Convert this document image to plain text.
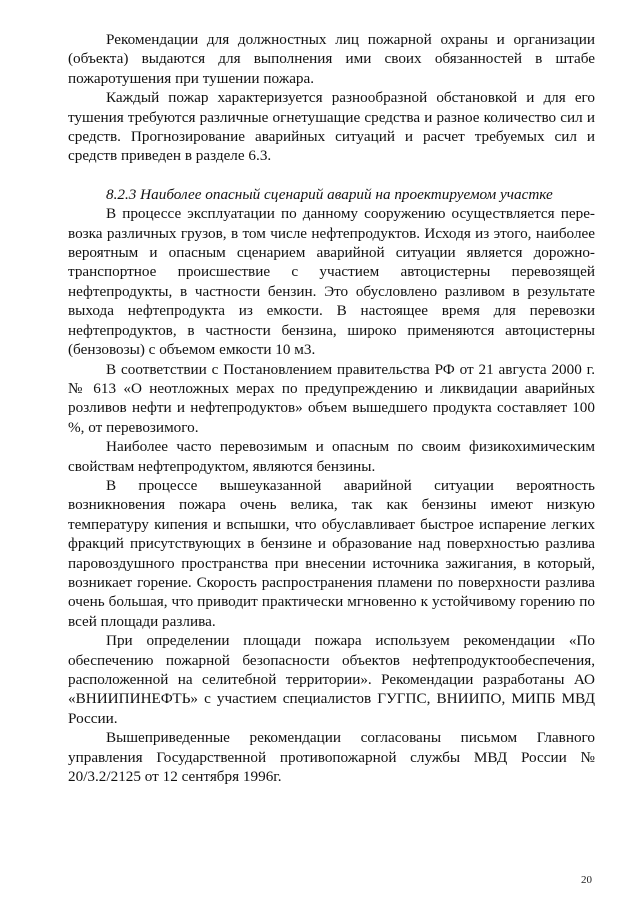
Рекомендации для должностных лиц пожарной охраны и организации (объекта) выдаются для выполнения ими своих обязанностей в штабе пожаротушения при тушении пожара.

Каждый пожар характеризуется разнообразной обстановкой и для его тушения требуются различные огнетушащие средства и разное количество сил и средств. Прогнозирование аварийных ситуаций и расчет требуемых сил и средств приведен в разделе 6.3.

8.2.3 Наиболее опасный сценарий аварий на проектируемом участке

В процессе эксплуатации по данному сооружению осуществляется пере-возка различных грузов, в том числе нефтепродуктов. Исходя из этого, наиболее вероятным и опасным сценарием аварийной ситуации является дорожно-транспортное происшествие с участием автоцистерны перевозящей нефтепродукты, в частности бензин. Это обусловлено разливом в результате выхода нефтепродукта из емкости. В настоящее время для перевозки нефтепродуктов, в частности бензина, широко применяются автоцистерны (бензовозы) с объемом емкости 10 м3.

В соответствии с Постановлением правительства РФ от 21 августа 2000 г. № 613 «О неотложных мерах по предупреждению и ликвидации аварийных розливов нефти и нефтепродуктов» объем вышедшего продукта составляет 100 %, от перевозимого.

Наиболее часто перевозимым и опасным по своим физикохимическим свойствам нефтепродуктом, являются бензины.

В процессе вышеуказанной аварийной ситуации вероятность возникновения пожара очень велика, так как бензины имеют низкую температуру кипения и вспышки, что обуславливает быстрое испарение легких фракций присутствующих в бензине и образование над поверхностью разлива паровоздушного пространства при внесении источника зажигания, в который, возникает горение. Скорость распространения пламени по поверхности разлива очень большая, что приводит практически мгновенно к устойчивому горению по всей площади разлива.

При определении площади пожара используем рекомендации «По обеспечению пожарной безопасности объектов нефтепродуктообеспечения, расположенной на селитебной территории». Рекомендации разработаны АО «ВНИИПИНЕФТЬ» с участием специалистов ГУГПС, ВНИИПО, МИПБ МВД России.

Вышеприведенные рекомендации согласованы письмом Главного управления Государственной противопожарной службы МВД России № 20/3.2/2125 от 12 сентября 1996г.

20
